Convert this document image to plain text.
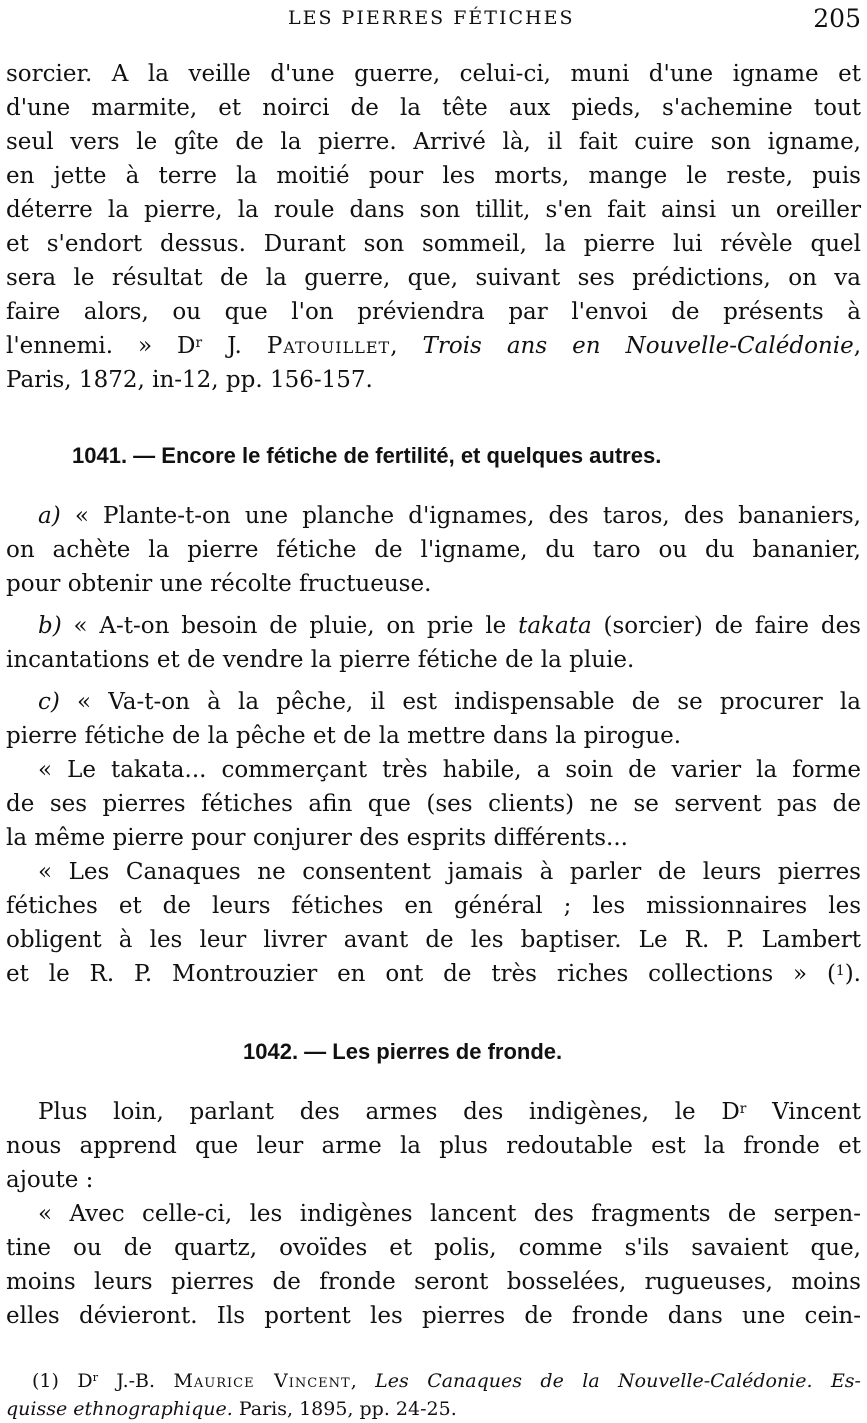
LES PIERRES FÉTICHES	205
sorcier. A la veille d'une guerre, celui-ci, muni d'une igname et
d'une marmite, et noirci de la tête aux pieds, s'achemine tout
seul vers le gîte de la pierre. Arrivé là, il fait cuire son igname,
en jette à terre la moitié pour les morts, mange le reste, puis
déterre la pierre, la roule dans son tillit, s'en fait ainsi un oreiller
et s'endort dessus. Durant son sommeil, la pierre lui révèle quel
sera le résultat de la guerre, que, suivant ses prédictions, on va
faire alors, ou que l'on préviendra par l'envoi de présents à
l'ennemi. » $D^r$ J. Patouillet, Trois ans en Nouvelle-Calédonie,
Paris, 1872, in-12, pp. 156-157.
1041. — Encore le fétiche de fertilité, et quelques autres.
a) « Plante-t-on une planche d'ignames, des taros, des bananiers,
on achète la pierre fétiche de l'igname, du taro ou du bananier,
pour obtenir une récolte fructueuse.
b) « A-t-on besoin de pluie, on prie le takata (sorcier) de faire des
incantations et de vendre la pierre fétiche de la pluie.
c) « Va-t-on à la pêche, il est indispensable de se procurer la
pierre fétiche de la pêche et de la mettre dans la pirogue.
« Le takata... commerçant très habile, a soin de varier la forme
de ses pierres fétiches afin que (ses clients) ne se servent pas de
la même pierre pour conjurer des esprits différents...
« Les Canaques ne consentent jamais à parler de leurs pierres
fétiches et de leurs fétiches en général ; les missionnaires les
obligent à les leur livrer avant de les baptiser. Le R. P. Lambert
et le R. P. Montrouzier en ont de très riches collections » ($^1$).
1042. — Les pierres de fronde.
Plus loin, parlant des armes des indigènes, le $D^r$ Vincent
nous apprend que leur arme la plus redoutable est la fronde et
ajoute :
« Avec celle-ci, les indigènes lancent des fragments de serpen-
tine ou de quartz, ovoïdes et polis, comme s'ils savaient que,
moins leurs pierres de fronde seront bosselées, rugueuses, moins
elles dévieront. Ils portent les pierres de fronde dans une cein-
(1) $D^r$ J.-B. Maurice Vincent, Les Canaques de la Nouvelle-Calédonie. Es-
quisse ethnographique. Paris, 1895, pp. 24-25.
